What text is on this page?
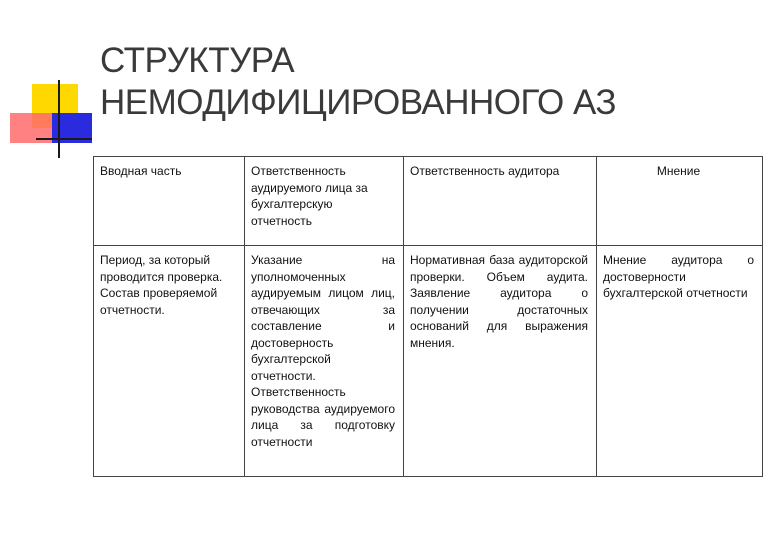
СТРУКТУРА
НЕМОДИФИЦИРОВАННОГО АЗ
Вводная часть	Ответственность аудируемого лица за бухгалтерскую отчетность	Ответственность аудитора	Мнение
Период, за который проводится проверка. Состав проверяемой отчетности.	Указание на уполномоченных аудируемым лицом лиц, отвечающих за составление и достоверность бухгалтерской отчетности. Ответственность руководства аудируемого лица за подготовку отчетности	Нормативная база аудиторской проверки. Объем аудита. Заявление аудитора о получении достаточных оснований для выражения мнения.	Мнение аудитора о достоверности бухгалтерской отчетности
